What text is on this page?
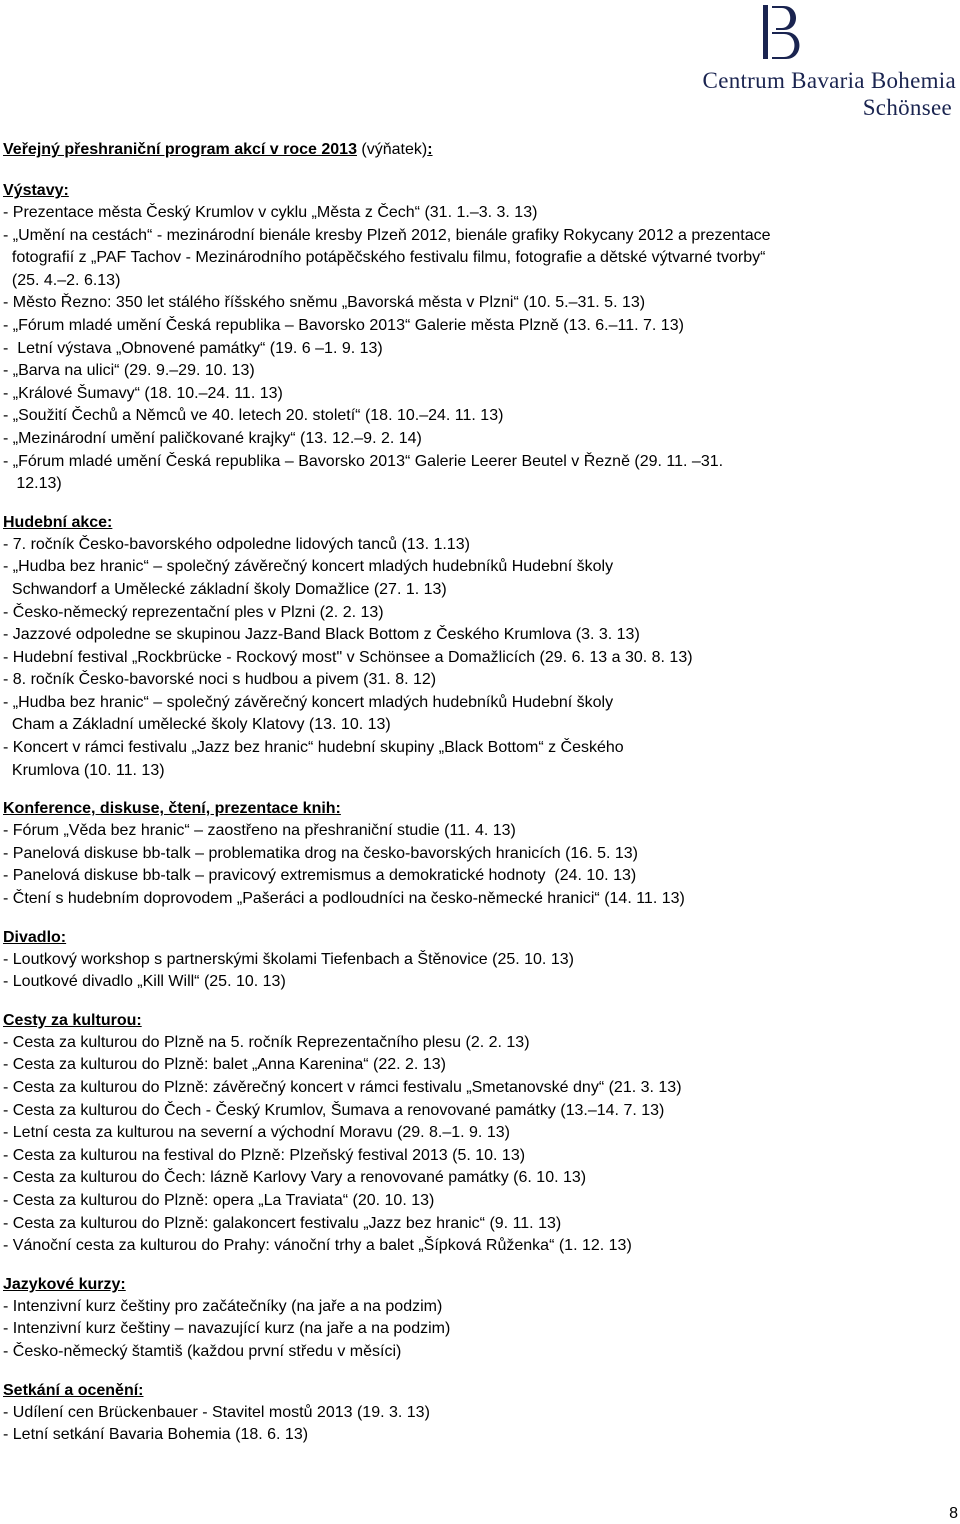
Centrum Bavaria Bohemia
Schönsee
Veřejný přeshraniční program akcí v roce 2013 (výňatek):
Výstavy:
- Prezentace města Český Krumlov v cyklu „Města z Čech“ (31. 1.–3. 3. 13)
- „Umění na cestách“ - mezinárodní bienále kresby Plzeň 2012, bienále grafiky Rokycany 2012 a prezentace
fotografií z „PAF Tachov - Mezinárodního potápěčského festivalu filmu, fotografie a dětské výtvarné tvorby“
(25. 4.–2. 6.13)
- Město Řezno: 350 let stálého říšského sněmu „Bavorská města v Plzni“ (10. 5.–31. 5. 13)
- „Fórum mladé umění Česká republika – Bavorsko 2013“ Galerie města Plzně (13. 6.–11. 7. 13)
-  Letní výstava „Obnovené památky“ (19. 6 –1. 9. 13)
- „Barva na ulici“ (29. 9.–29. 10. 13)
- „Králové Šumavy“ (18. 10.–24. 11. 13)
- „Soužití Čechů a Němců ve 40. letech 20. století“ (18. 10.–24. 11. 13)
- „Mezinárodní umění paličkované krajky“ (13. 12.–9. 2. 14)
- „Fórum mladé umění Česká republika – Bavorsko 2013“ Galerie Leerer Beutel v Řezně (29. 11. –31.
12.13)
Hudební akce:
- 7. ročník Česko-bavorského odpoledne lidových tanců (13. 1.13)
- „Hudba bez hranic“ – společný závěrečný koncert mladých hudebníků Hudební školy
Schwandorf a Umělecké základní školy Domažlice (27. 1. 13)
- Česko-německý reprezentační ples v Plzni (2. 2. 13)
- Jazzové odpoledne se skupinou Jazz-Band Black Bottom z Českého Krumlova (3. 3. 13)
- Hudební festival „Rockbrücke - Rockový most" v Schönsee a Domažlicích (29. 6. 13 a 30. 8. 13)
- 8. ročník Česko-bavorské noci s hudbou a pivem (31. 8. 12)
- „Hudba bez hranic“ – společný závěrečný koncert mladých hudebníků Hudební školy
Cham a Základní umělecké školy Klatovy (13. 10. 13)
- Koncert v rámci festivalu „Jazz bez hranic“ hudební skupiny „Black Bottom“ z Českého
Krumlova (10. 11. 13)
Konference, diskuse, čtení, prezentace knih:
- Fórum „Věda bez hranic“ – zaostřeno na přeshraniční studie (11. 4. 13)
- Panelová diskuse bb-talk – problematika drog na česko-bavorských hranicích (16. 5. 13)
- Panelová diskuse bb-talk – pravicový extremismus a demokratické hodnoty  (24. 10. 13)
- Čtení s hudebním doprovodem „Pašeráci a podloudníci na česko-německé hranici“ (14. 11. 13)
Divadlo:
- Loutkový workshop s partnerskými školami Tiefenbach a Štěnovice (25. 10. 13)
- Loutkové divadlo „Kill Will“ (25. 10. 13)
Cesty za kulturou:
- Cesta za kulturou do Plzně na 5. ročník Reprezentačního plesu (2. 2. 13)
- Cesta za kulturou do Plzně: balet „Anna Karenina“ (22. 2. 13)
- Cesta za kulturou do Plzně: závěrečný koncert v rámci festivalu „Smetanovské dny“ (21. 3. 13)
- Cesta za kulturou do Čech - Český Krumlov, Šumava a renovované památky (13.–14. 7. 13)
- Letní cesta za kulturou na severní a východní Moravu (29. 8.–1. 9. 13)
- Cesta za kulturou na festival do Plzně: Plzeňský festival 2013 (5. 10. 13)
- Cesta za kulturou do Čech: lázně Karlovy Vary a renovované památky (6. 10. 13)
- Cesta za kulturou do Plzně: opera „La Traviata“ (20. 10. 13)
- Cesta za kulturou do Plzně: galakoncert festivalu „Jazz bez hranic“ (9. 11. 13)
- Vánoční cesta za kulturou do Prahy: vánoční trhy a balet „Šípková Růženka“ (1. 12. 13)
Jazykové kurzy:
- Intenzivní kurz češtiny pro začátečníky (na jaře a na podzim)
- Intenzivní kurz češtiny – navazující kurz (na jaře a na podzim)
- Česko-německý štamtiš (každou první středu v měsíci)
Setkání a ocenění:
- Udílení cen Brückenbauer - Stavitel mostů 2013 (19. 3. 13)
- Letní setkání Bavaria Bohemia (18. 6. 13)
8
